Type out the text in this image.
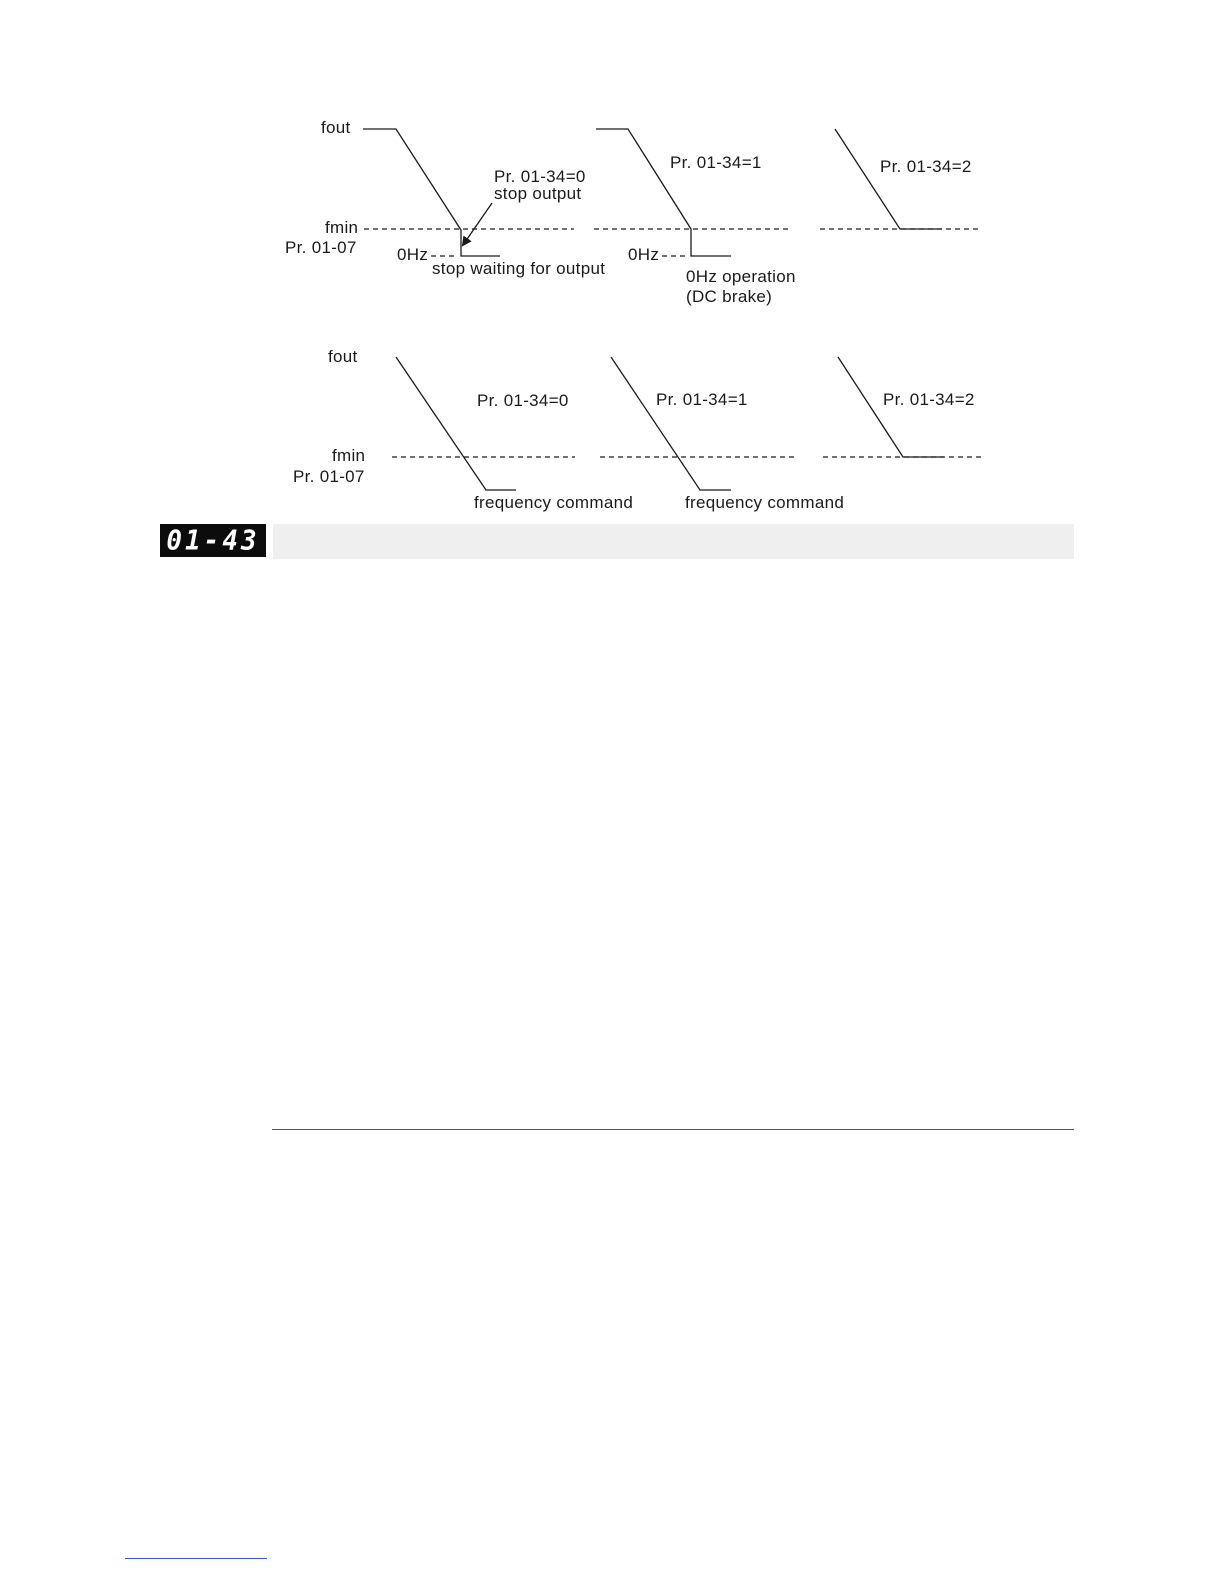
fout
fmin
Pr. 01-07
Pr. 01-34=0
stop output
0Hz
stop waiting for output
Pr. 01-34=1
0Hz
0Hz operation
(DC brake)
Pr. 01-34=2
fout
fmin
Pr. 01-07
Pr. 01-34=0
frequency command
Pr. 01-34=1
frequency command
Pr. 01-34=2
01-43
